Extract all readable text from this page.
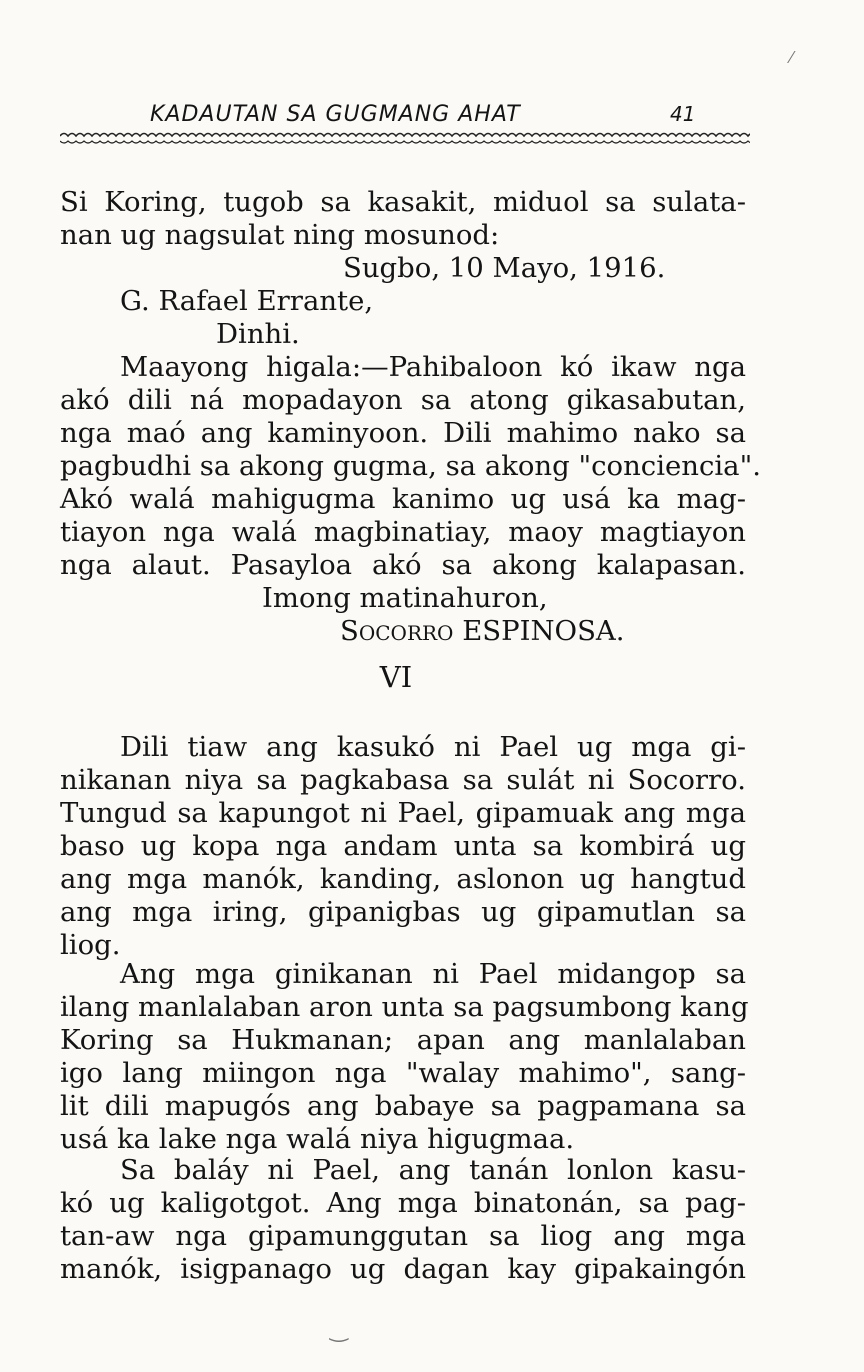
KADAUTAN SA GUGMANG AHAT	41
Si Koring, tugob sa kasakit, miduol sa sulata-
nan ug nagsulat ning mosunod:
Sugbo, 10 Mayo, 1916.
G. Rafael Errante,
Dinhi.
Maayong higala:—Pahibaloon kó ikaw nga
akó dili ná mopadayon sa atong gikasabutan,
nga maó ang kaminyoon. Dili mahimo nako sa
pagbudhi sa akong gugma, sa akong "conciencia".
Akó walá mahigugma kanimo ug usá ka mag-
tiayon nga walá magbinatiay, maoy magtiayon
nga alaut. Pasayloa akó sa akong kalapasan.
Imong matinahuron,
SOCORRO ESPINOSA.
VI
Dili tiaw ang kasukó ni Pael ug mga gi-
nikanan niya sa pagkabasa sa sulát ni Socorro.
Tungud sa kapungot ni Pael, gipamuak ang mga
baso ug kopa nga andam unta sa kombirá ug
ang mga manók, kanding, aslonon ug hangtud
ang mga iring, gipanigbas ug gipamutlan sa
liog.
Ang mga ginikanan ni Pael midangop sa
ilang manlalaban aron unta sa pagsumbong kang
Koring sa Hukmanan; apan ang manlalaban
igo lang miingon nga "walay mahimo", sang-
lit dili mapugós ang babaye sa pagpamana sa
usá ka lake nga walá niya higugmaa.
Sa baláy ni Pael, ang tanán lonlon kasu-
kó ug kaligotgot. Ang mga binatonán, sa pag-
tan-aw nga gipamunggutan sa liog ang mga
manók, isigpanago ug dagan kay gipakaingón
⁄
‿
